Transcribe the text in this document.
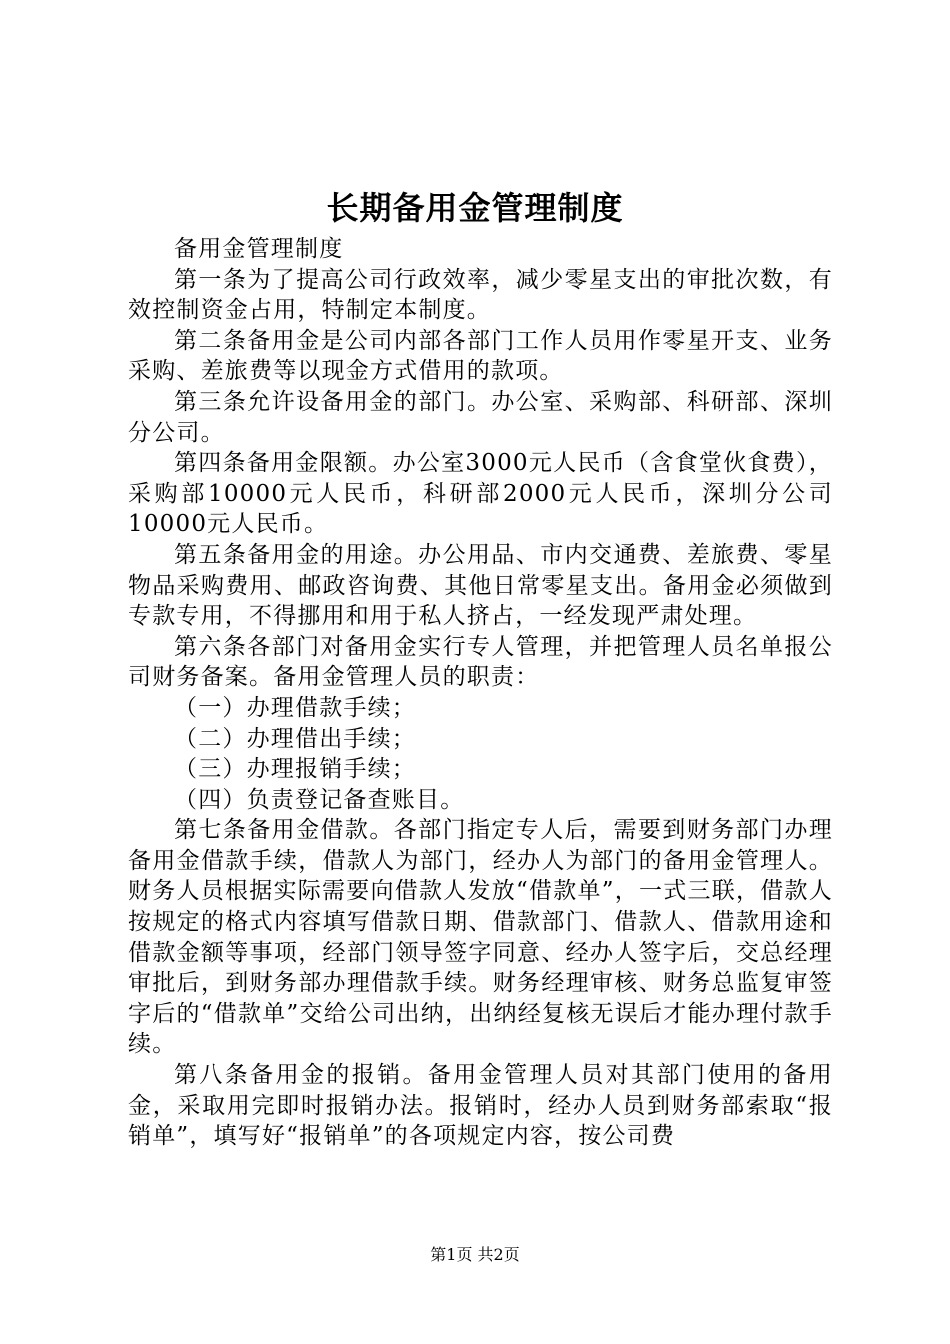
长期备用金管理制度

备用金管理制度

第一条为了提高公司行政效率，减少零星支出的审批次数，有效控制资金占用，特制定本制度。

第二条备用金是公司内部各部门工作人员用作零星开支、业务采购、差旅费等以现金方式借用的款项。

第三条允许设备用金的部门。办公室、采购部、科研部、深圳分公司。

第四条备用金限额。办公室3000元人民币（含食堂伙食费），采购部10000元人民币，科研部2000元人民币，深圳分公司10000元人民币。

第五条备用金的用途。办公用品、市内交通费、差旅费、零星物品采购费用、邮政咨询费、其他日常零星支出。备用金必须做到专款专用，不得挪用和用于私人挤占，一经发现严肃处理。

第六条各部门对备用金实行专人管理，并把管理人员名单报公司财务备案。备用金管理人员的职责：

（一）办理借款手续；

（二）办理借出手续；

（三）办理报销手续；

（四）负责登记备查账目。

第七条备用金借款。各部门指定专人后，需要到财务部门办理备用金借款手续，借款人为部门，经办人为部门的备用金管理人。财务人员根据实际需要向借款人发放“借款单”，一式三联，借款人按规定的格式内容填写借款日期、借款部门、借款人、借款用途和借款金额等事项，经部门领导签字同意、经办人签字后，交总经理审批后，到财务部办理借款手续。财务经理审核、财务总监复审签字后的“借款单”交给公司出纳，出纳经复核无误后才能办理付款手续。

第八条备用金的报销。备用金管理人员对其部门使用的备用金，采取用完即时报销办法。报销时，经办人员到财务部索取“报销单”，填写好“报销单”的各项规定内容，按公司费

第1页 共2页
